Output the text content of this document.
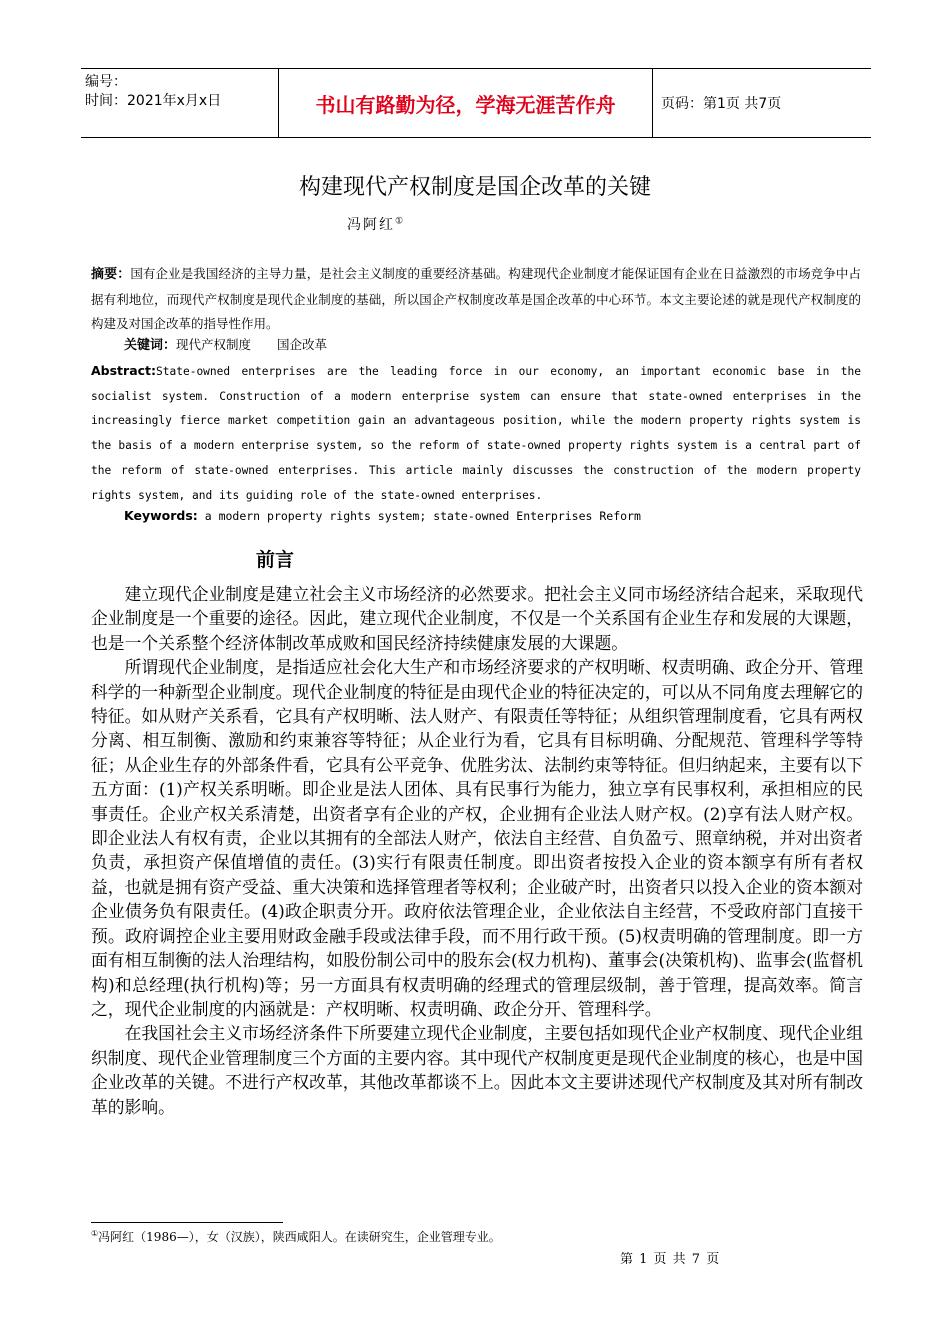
编号：
时间：2021年x月x日	书山有路勤为径，学海无涯苦作舟	页码：第1页 共7页
构建现代产权制度是国企改革的关键
冯阿红①
摘要：国有企业是我国经济的主导力量，是社会主义制度的重要经济基础。构建现代企业制度才能保证国有企业在日益激烈的市场竞争中占据有利地位，而现代产权制度是现代企业制度的基础，所以国企产权制度改革是国企改革的中心环节。本文主要论述的就是现代产权制度的构建及对国企改革的指导性作用。
关键词：现代产权制度 国企改革
Abstract:State-owned enterprises are the leading force in our economy, an important economic base in the socialist system. Construction of a modern enterprise system can ensure that state-owned enterprises in the increasingly fierce market competition gain an advantageous position, while the modern property rights system is the basis of a modern enterprise system, so the reform of state-owned property rights system is a central part of the reform of state-owned enterprises. This article mainly discusses the construction of the modern property rights system, and its guiding role of the state-owned enterprises.
Keywords: a modern property rights system; state-owned Enterprises Reform
前言

建立现代企业制度是建立社会主义市场经济的必然要求。把社会主义同市场经济结合起来，采取现代企业制度是一个重要的途径。因此，建立现代企业制度，不仅是一个关系国有企业生存和发展的大课题，也是一个关系整个经济体制改革成败和国民经济持续健康发展的大课题。

所谓现代企业制度，是指适应社会化大生产和市场经济要求的产权明晰、权责明确、政企分开、管理科学的一种新型企业制度。现代企业制度的特征是由现代企业的特征决定的，可以从不同角度去理解它的特征。如从财产关系看，它具有产权明晰、法人财产、有限责任等特征；从组织管理制度看，它具有两权分离、相互制衡、激励和约束兼容等特征；从企业行为看，它具有目标明确、分配规范、管理科学等特征；从企业生存的外部条件看，它具有公平竞争、优胜劣汰、法制约束等特征。但归纳起来，主要有以下五方面：(1)产权关系明晰。即企业是法人团体、具有民事行为能力，独立享有民事权利，承担相应的民事责任。企业产权关系清楚，出资者享有企业的产权，企业拥有企业法人财产权。(2)享有法人财产权。即企业法人有权有责，企业以其拥有的全部法人财产，依法自主经营、自负盈亏、照章纳税，并对出资者负责，承担资产保值增值的责任。(3)实行有限责任制度。即出资者按投入企业的资本额享有所有者权益，也就是拥有资产受益、重大决策和选择管理者等权利；企业破产时，出资者只以投入企业的资本额对企业债务负有限责任。(4)政企职责分开。政府依法管理企业，企业依法自主经营，不受政府部门直接干预。政府调控企业主要用财政金融手段或法律手段，而不用行政干预。(5)权责明确的管理制度。即一方面有相互制衡的法人治理结构，如股份制公司中的股东会(权力机构)、董事会(决策机构)、监事会(监督机构)和总经理(执行机构)等；另一方面具有权责明确的经理式的管理层级制，善于管理，提高效率。简言之，现代企业制度的内涵就是：产权明晰、权责明确、政企分开、管理科学。

在我国社会主义市场经济条件下所要建立现代企业制度，主要包括如现代企业产权制度、现代企业组织制度、现代企业管理制度三个方面的主要内容。其中现代产权制度更是现代企业制度的核心，也是中国企业改革的关键。不进行产权改革，其他改革都谈不上。因此本文主要讲述现代产权制度及其对所有制改革的影响。

①冯阿红（1986—），女（汉族），陕西咸阳人。在读研究生，企业管理专业。
第 1 页 共 7 页
